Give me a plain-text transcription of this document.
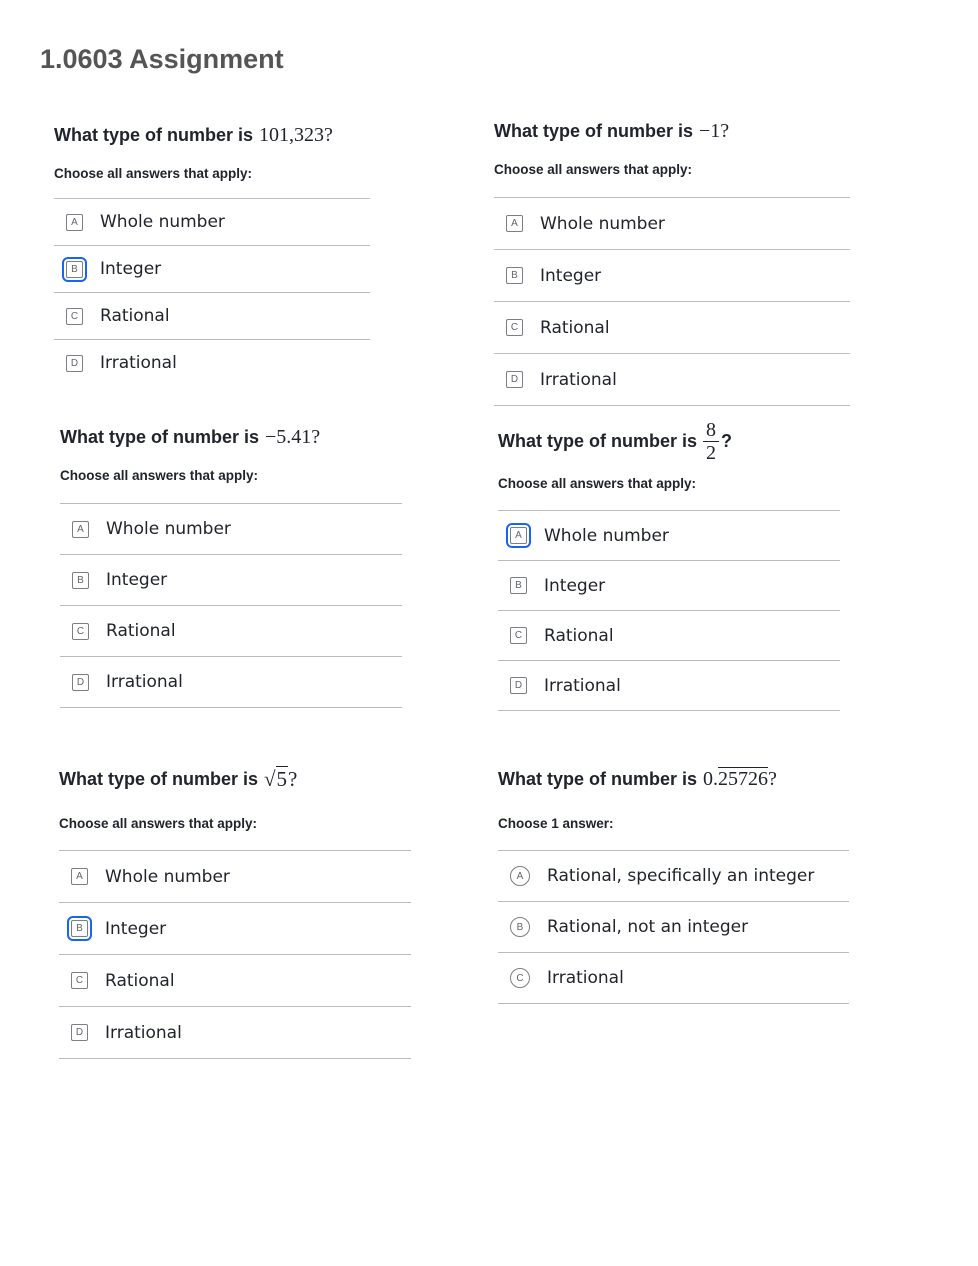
1.0603 Assignment
What type of number is 101,323?
Choose all answers that apply:
A	Whole number
B	Integer
C Rational
D Irrational
What type of number is −1?
Choose all answers that apply:
A	Whole number
B	Integer
C Rational
D Irrational
What type of number is −5.41?
Choose all answers that apply:
A	Whole number
B	Integer
C Rational
D Irrational
What type of number is $\frac{8}{2}$ ?
Choose all answers that apply:
A	Whole number
B	Integer
C Rational
D Irrational
What type of number is √5?
Choose all answers that apply:
A	Whole number
B	Integer
C Rational
D Irrational
What type of number is 0.25726?
Choose 1 answer:
A	Rational, specifically an integer
B	Rational, not an integer
C	Irrational
